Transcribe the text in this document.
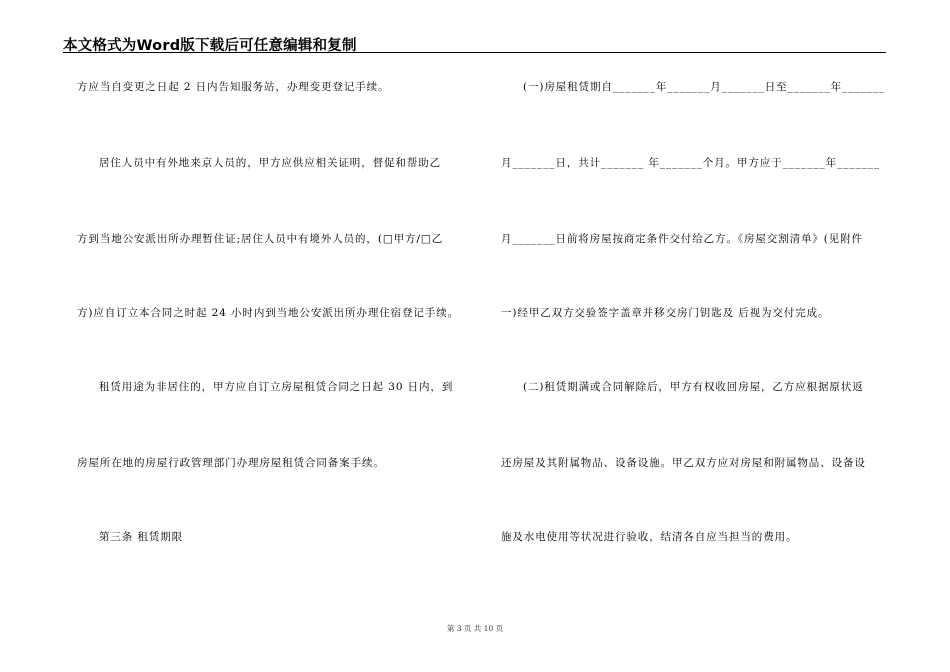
本文格式为Word版下载后可任意编辑和复制
方应当自变更之日起 2 日内告知服务站，办理变更登记手续。
居住人员中有外地来京人员的，甲方应供应相关证明，督促和帮助乙
方到当地公安派出所办理暂住证;居住人员中有境外人员的，(□甲方/□乙
方)应自订立本合同之时起 24 小时内到当地公安派出所办理住宿登记手续。
租赁用途为非居住的，甲方应自订立房屋租赁合同之日起 30 日内，到
房屋所在地的房屋行政管理部门办理房屋租赁合同备案手续。
第三条 租赁期限
(一)房屋租赁期自_______年_______月_______日至_______年_______
月_______日，共计_______ 年_______个月。甲方应于_______年_______
月_______日前将房屋按商定条件交付给乙方。《房屋交割清单》(见附件
一)经甲乙双方交验签字盖章并移交房门钥匙及 后视为交付完成。
(二)租赁期满或合同解除后，甲方有权收回房屋，乙方应根据原状返
还房屋及其附属物品、设备设施。甲乙双方应对房屋和附属物品、设备设
施及水电使用等状况进行验收，结清各自应当担当的费用。
第 3 页 共 10 页
